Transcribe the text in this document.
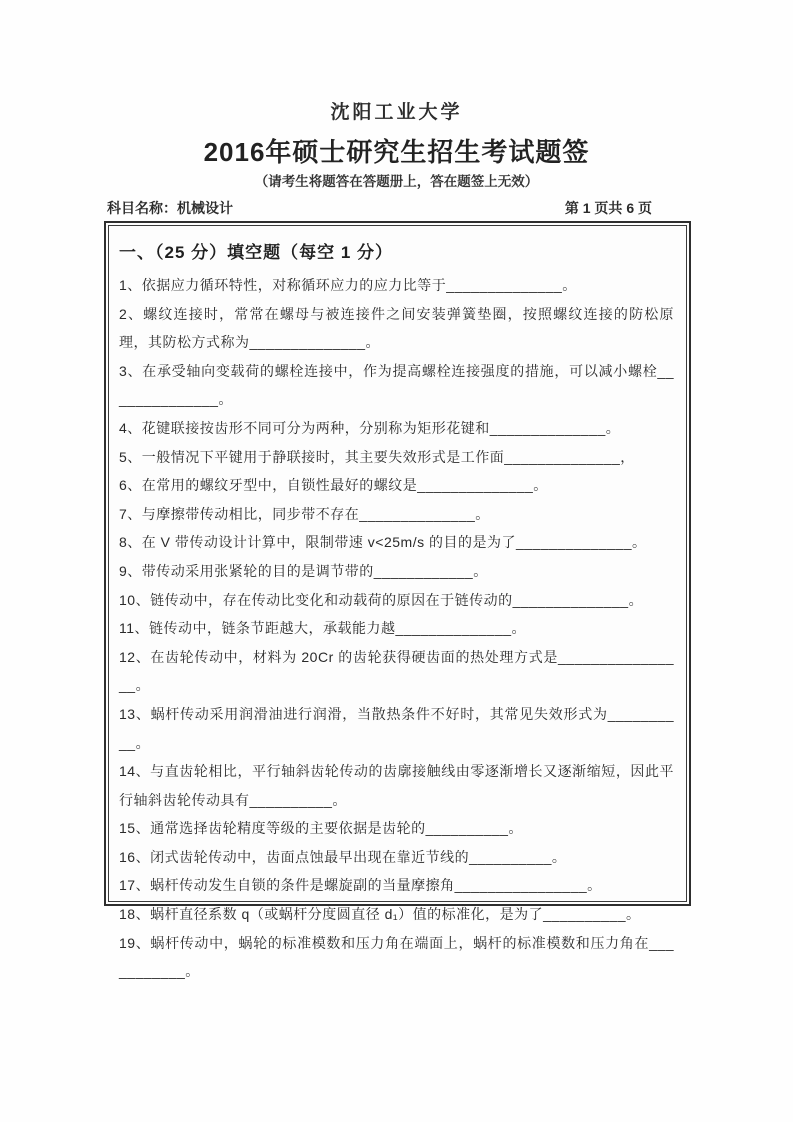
沈阳工业大学
2016年硕士研究生招生考试题签
（请考生将题答在答题册上，答在题签上无效）
科目名称：机械设计	第 1 页共 6 页
一、（25 分）填空题（每空 1 分）

1、依据应力循环特性，对称循环应力的应力比等于______________。

2、螺纹连接时，常常在螺母与被连接件之间安装弹簧垫圈，按照螺纹连接的防松原理，其防松方式称为______________。

3、在承受轴向变载荷的螺栓连接中，作为提高螺栓连接强度的措施，可以减小螺栓______________。

4、花键联接按齿形不同可分为两种，分别称为矩形花键和______________。

5、一般情况下平键用于静联接时，其主要失效形式是工作面______________，

6、在常用的螺纹牙型中，自锁性最好的螺纹是______________。

7、与摩擦带传动相比，同步带不存在______________。

8、在 V 带传动设计计算中，限制带速 v<25m/s 的目的是为了______________。

9、带传动采用张紧轮的目的是调节带的____________。

10、链传动中，存在传动比变化和动载荷的原因在于链传动的______________。

11、链传动中，链条节距越大，承载能力越______________。

12、在齿轮传动中，材料为 20Cr 的齿轮获得硬齿面的热处理方式是________________。

13、蜗杆传动采用润滑油进行润滑，当散热条件不好时，其常见失效形式为__________。

14、与直齿轮相比，平行轴斜齿轮传动的齿廓接触线由零逐渐增长又逐渐缩短，因此平行轴斜齿轮传动具有__________。

15、通常选择齿轮精度等级的主要依据是齿轮的__________。

16、闭式齿轮传动中，齿面点蚀最早出现在靠近节线的__________。

17、蜗杆传动发生自锁的条件是螺旋副的当量摩擦角________________。

18、蜗杆直径系数 q（或蜗杆分度圆直径 d₁）值的标准化，是为了__________。

19、蜗杆传动中，蜗轮的标准模数和压力角在端面上，蜗杆的标准模数和压力角在___________。
